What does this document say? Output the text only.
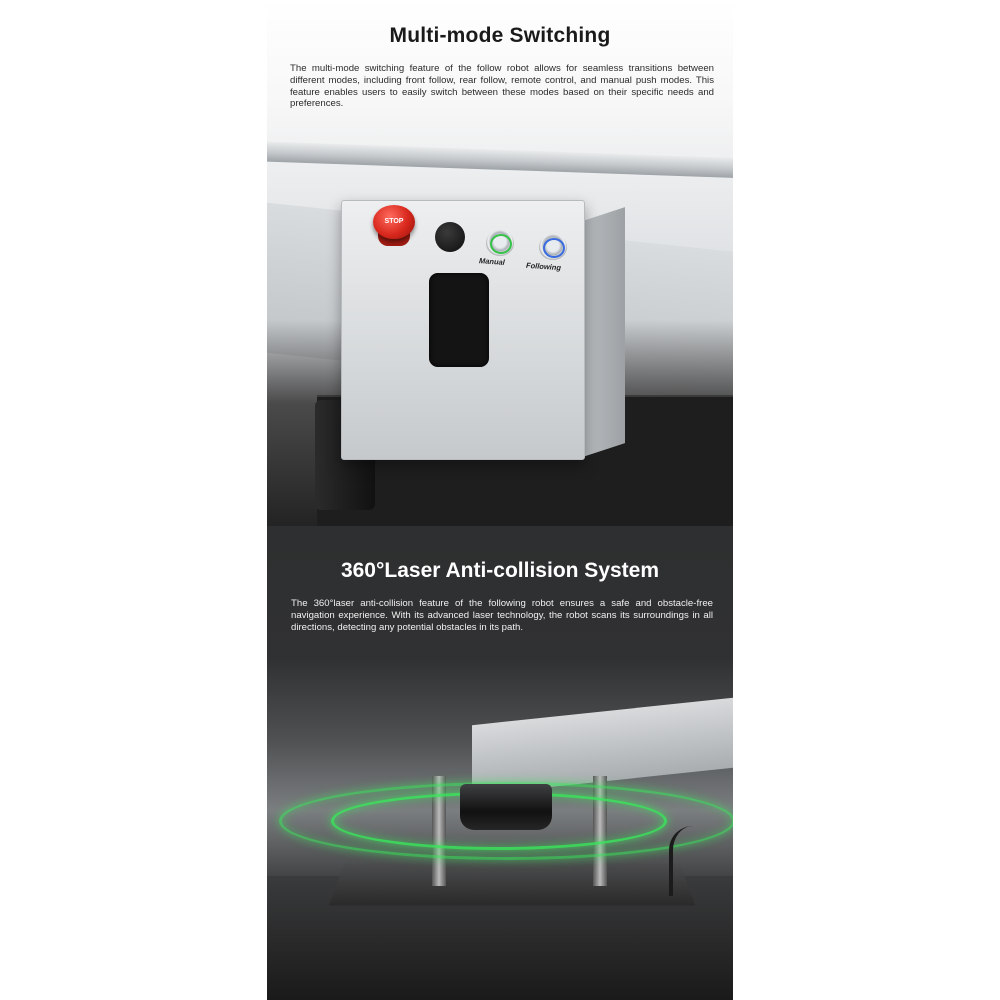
STOP
Manual	Following
Multi-mode Switching

The multi-mode switching feature of the follow robot allows for seamless transitions between different modes, including front follow, rear follow, remote control, and manual push modes. This feature enables users to easily switch between these modes based on their specific needs and preferences.

360°Laser Anti-collision System

The 360°laser anti-collision feature of the following robot ensures a safe and obstacle-free navigation experience. With its advanced laser technology, the robot scans its surroundings in all directions, detecting any potential obstacles in its path.
